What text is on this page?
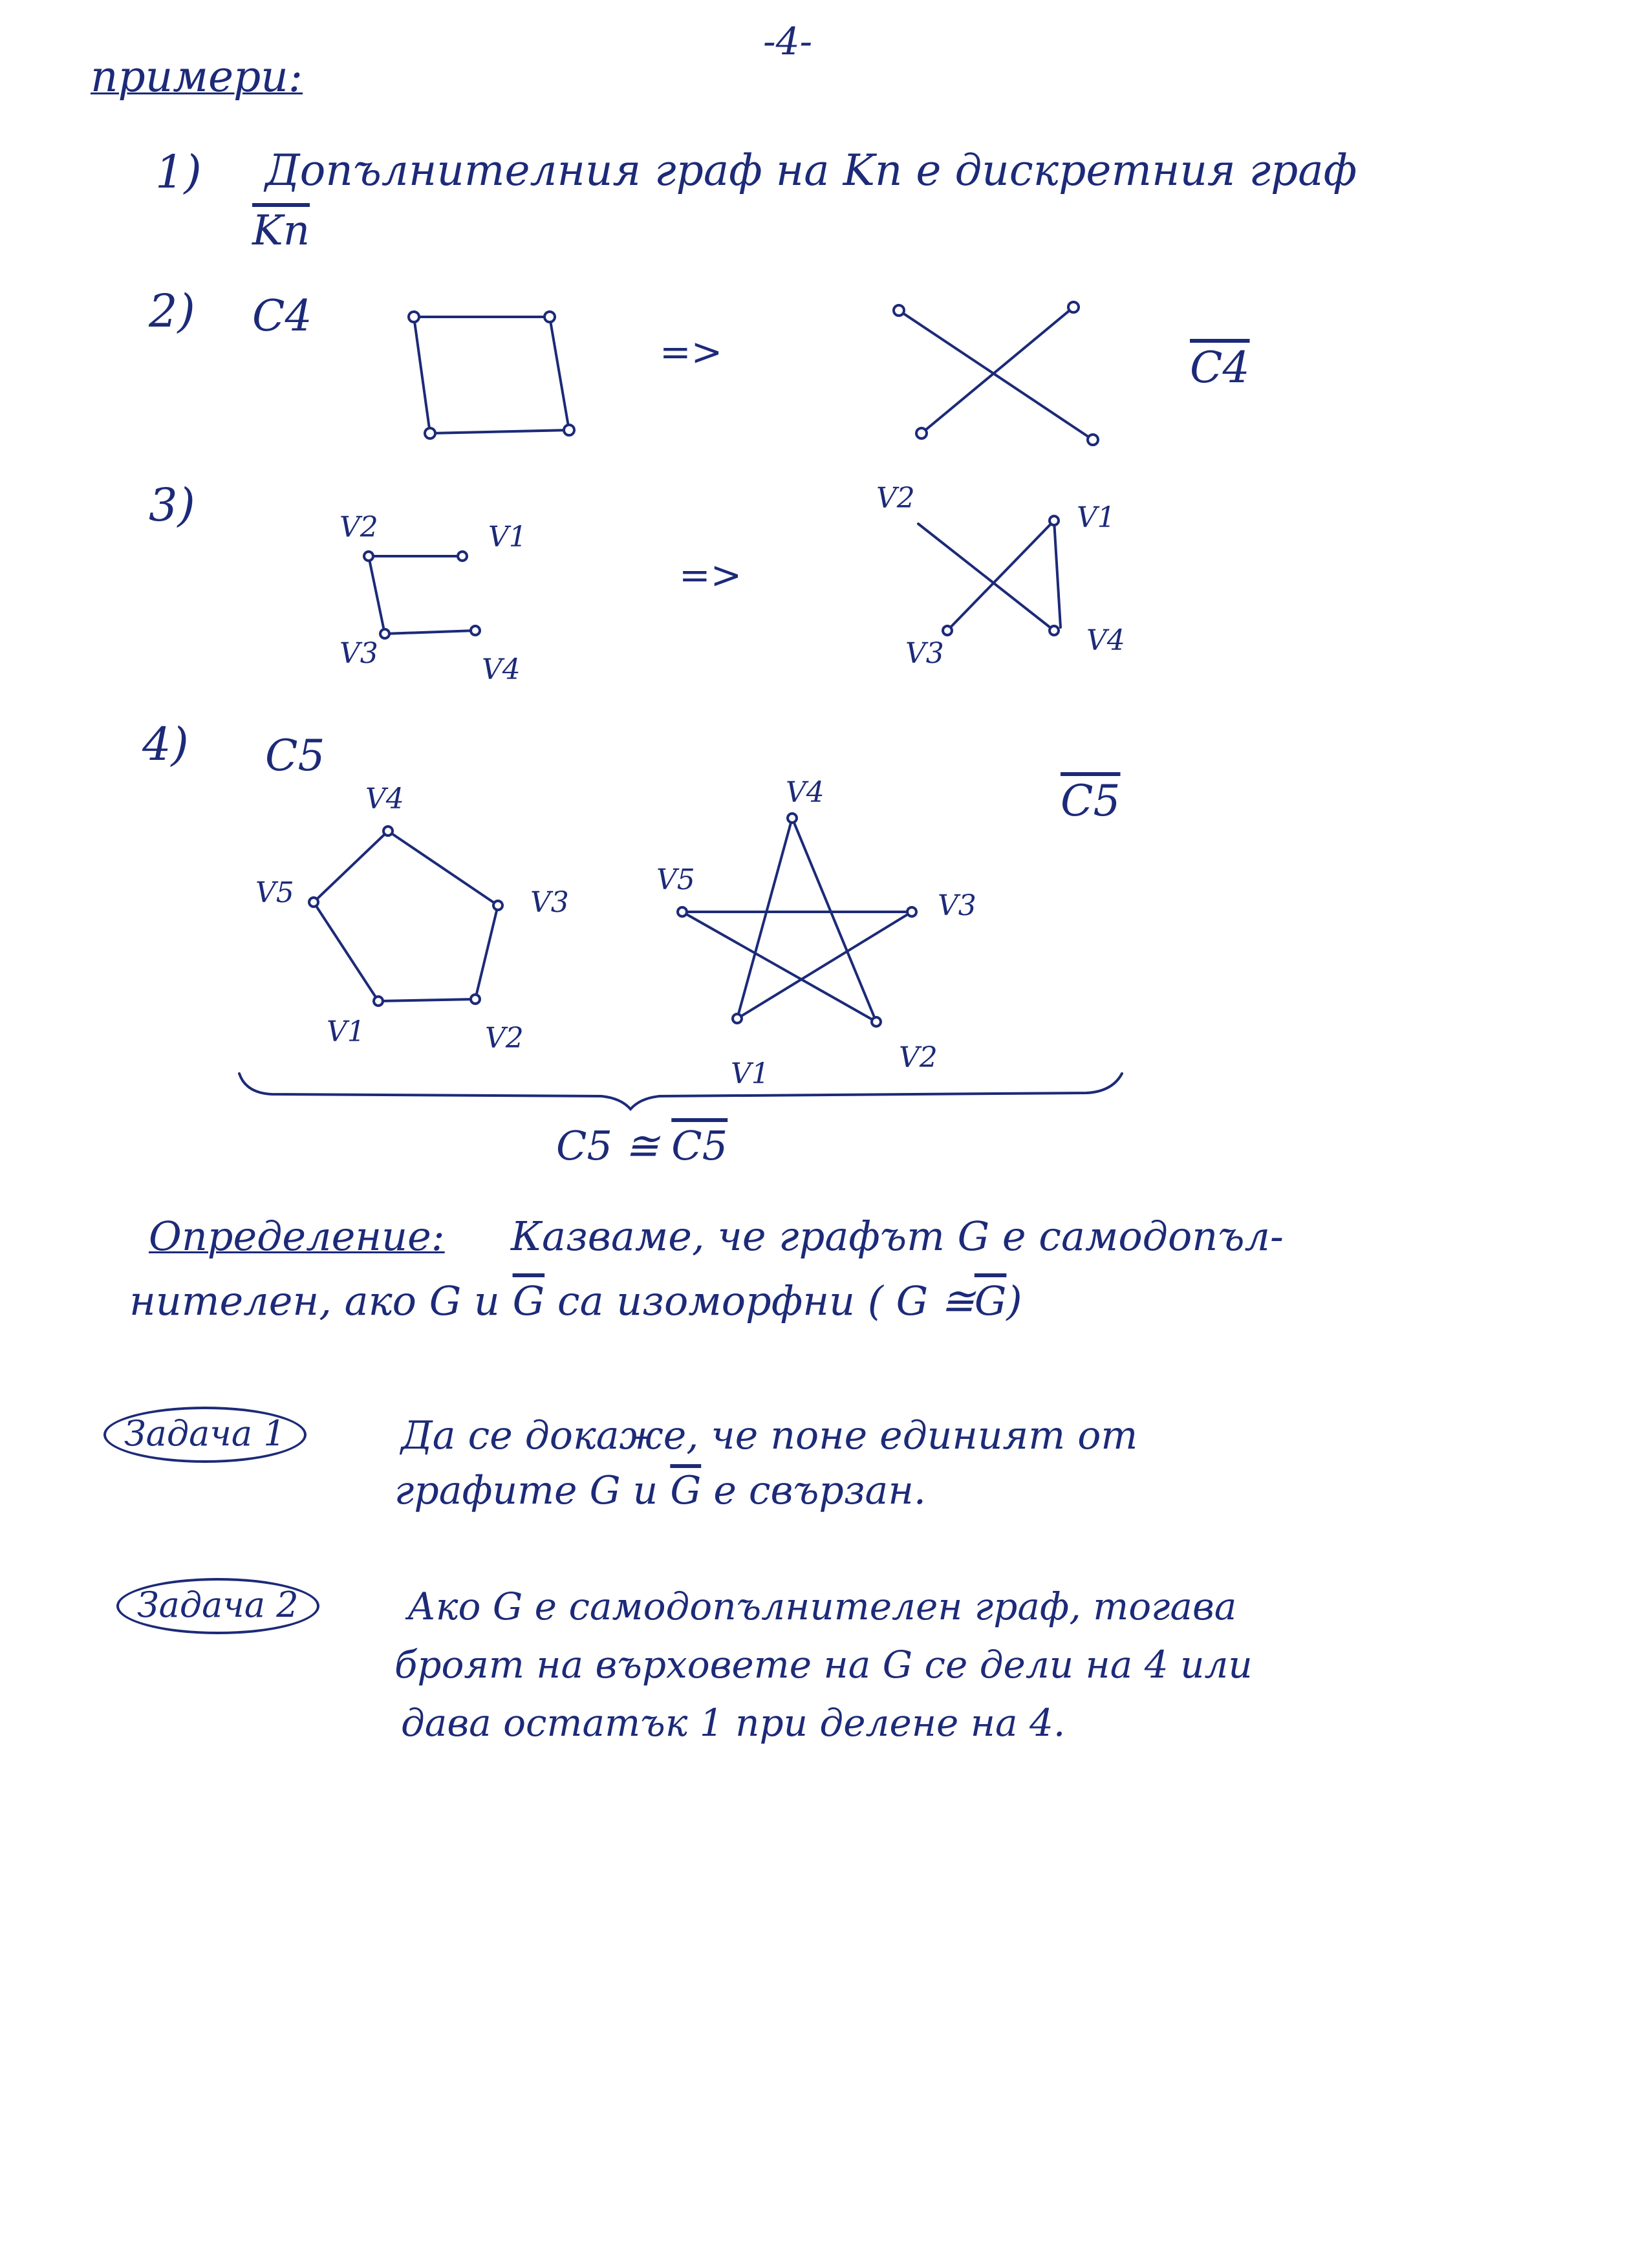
-4-
примери:
1) Допълнителния граф на Kn е дискретния граф
$\overline{Kn}$
2) C4
=>	C4
3)
=>
V2	V1
V3	V4
V2
V1
V3	V4
4) C5
C5
V4
V5	V3
V1	V2
V4
V5
V3
V1	V2
C5 ≅ C5
Определение: Казваме, че графът G е самодопъл-
нителен, ако G и $\overline{G}$ са изоморфни ( G $≅\overline{G}$)
Задача 1	Да се докаже, че поне единият от
графите G и $\overline{G}$ е свързан.
Задача 2	Ако G е самодопълнителен граф, тогава
броят на върховете на G се дели на 4 или
дава остатък 1 при делене на 4.
